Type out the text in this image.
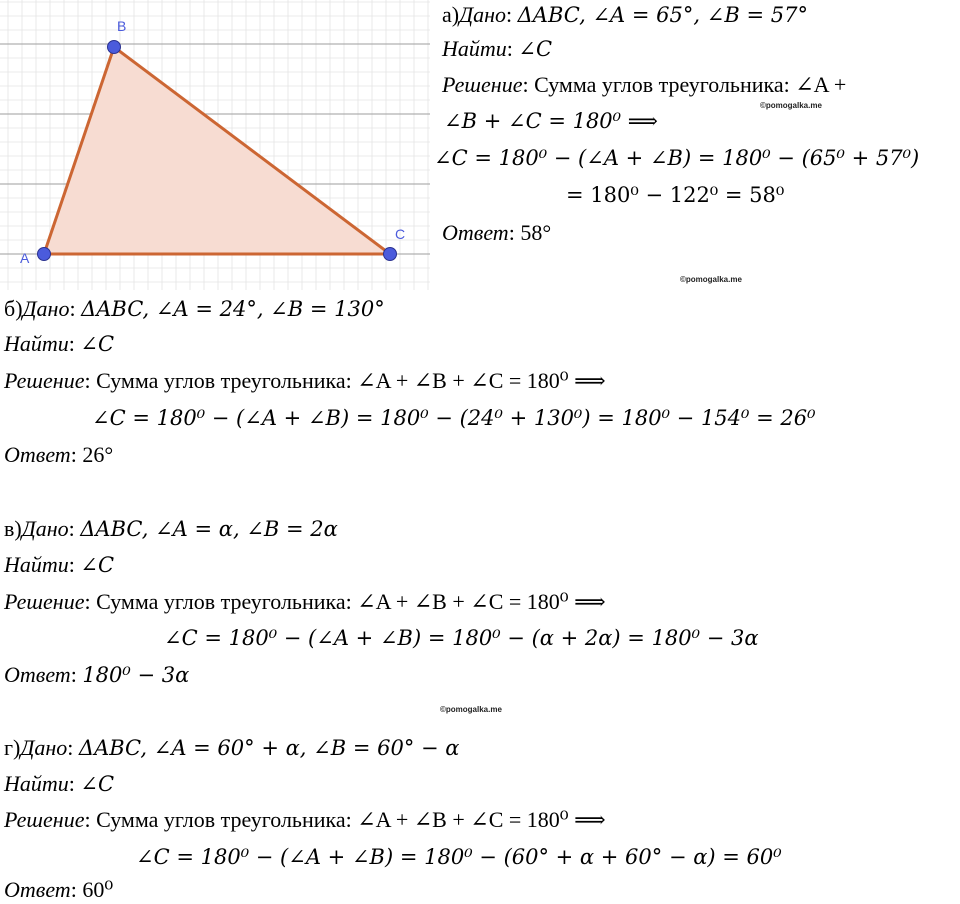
A
B
C
а)Дано: ΔABC, ∠A = 65°, ∠B = 57°
Найти: ∠C
Решение: Сумма углов треугольника: ∠A +
©pomogalka.me
∠B + ∠C = 180⁰ ⟹
∠C = 180⁰ − (∠A + ∠B) = 180⁰ − (65⁰ + 57⁰)
= 180⁰ − 122⁰ = 58⁰
Ответ: 58°
©pomogalka.me
б)Дано: ΔABC, ∠A = 24°, ∠B = 130°
Найти: ∠C
Решение: Сумма углов треугольника: ∠A + ∠B + ∠C = 180⁰ ⟹
∠C = 180⁰ − (∠A + ∠B) = 180⁰ − (24⁰ + 130⁰) = 180⁰ − 154⁰ = 26⁰
Ответ: 26°
в)Дано: ΔABC, ∠A = α, ∠B = 2α
Найти: ∠C
Решение: Сумма углов треугольника: ∠A + ∠B + ∠C = 180⁰ ⟹
∠C = 180⁰ − (∠A + ∠B) = 180⁰ − (α + 2α) = 180⁰ − 3α
Ответ: 180⁰ − 3α
©pomogalka.me
г)Дано: ΔABC, ∠A = 60° + α, ∠B = 60° − α
Найти: ∠C
Решение: Сумма углов треугольника: ∠A + ∠B + ∠C = 180⁰ ⟹
∠C = 180⁰ − (∠A + ∠B) = 180⁰ − (60° + α + 60° − α) = 60⁰
Ответ: 60⁰
